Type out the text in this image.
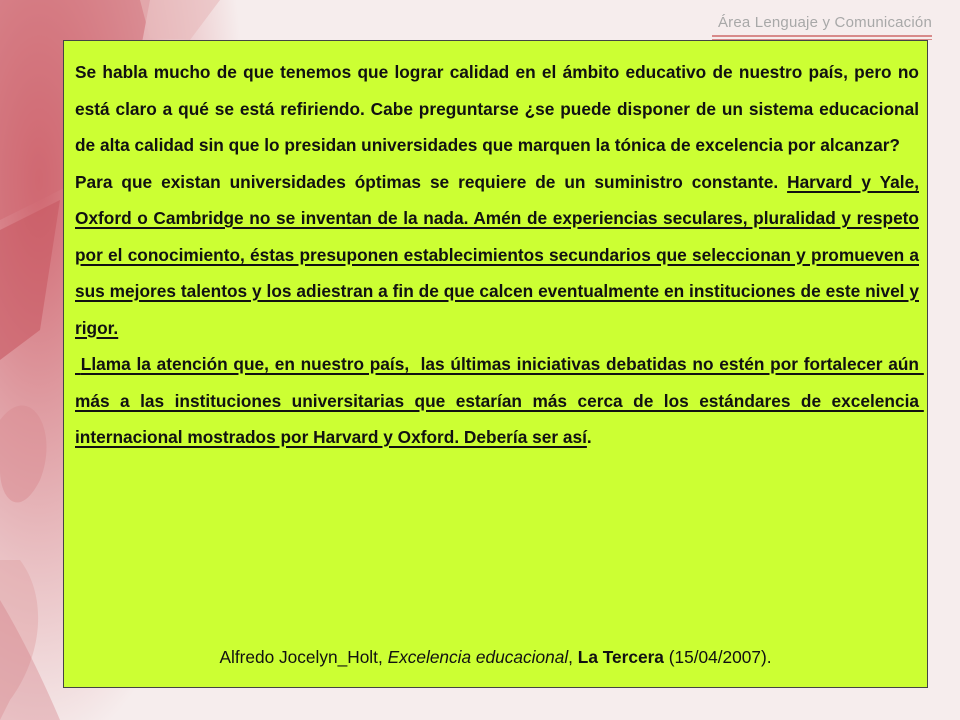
Área Lenguaje y Comunicación

Se habla mucho de que tenemos que lograr calidad en el ámbito educativo de nuestro país, pero no está claro a qué se está refiriendo. Cabe preguntarse ¿se puede disponer de un sistema educacional de alta calidad sin que lo presidan universidades que marquen la tónica de excelencia por alcanzar?

Para que existan universidades óptimas se requiere de un suministro constante. Harvard y Yale, Oxford o Cambridge no se inventan de la nada. Amén de experiencias seculares, pluralidad y respeto por el conocimiento, éstas presuponen establecimientos secundarios que seleccionan y promueven a sus mejores talentos y los adiestran a fin de que calcen eventualmente en instituciones de este nivel y rigor.

Llama la atención que, en nuestro país,  las últimas iniciativas debatidas no estén por fortalecer aún más a las instituciones universitarias que estarían más cerca de los estándares de excelencia internacional mostrados por Harvard y Oxford. Debería ser así.

Alfredo Jocelyn_Holt, Excelencia educacional, La Tercera (15/04/2007).
